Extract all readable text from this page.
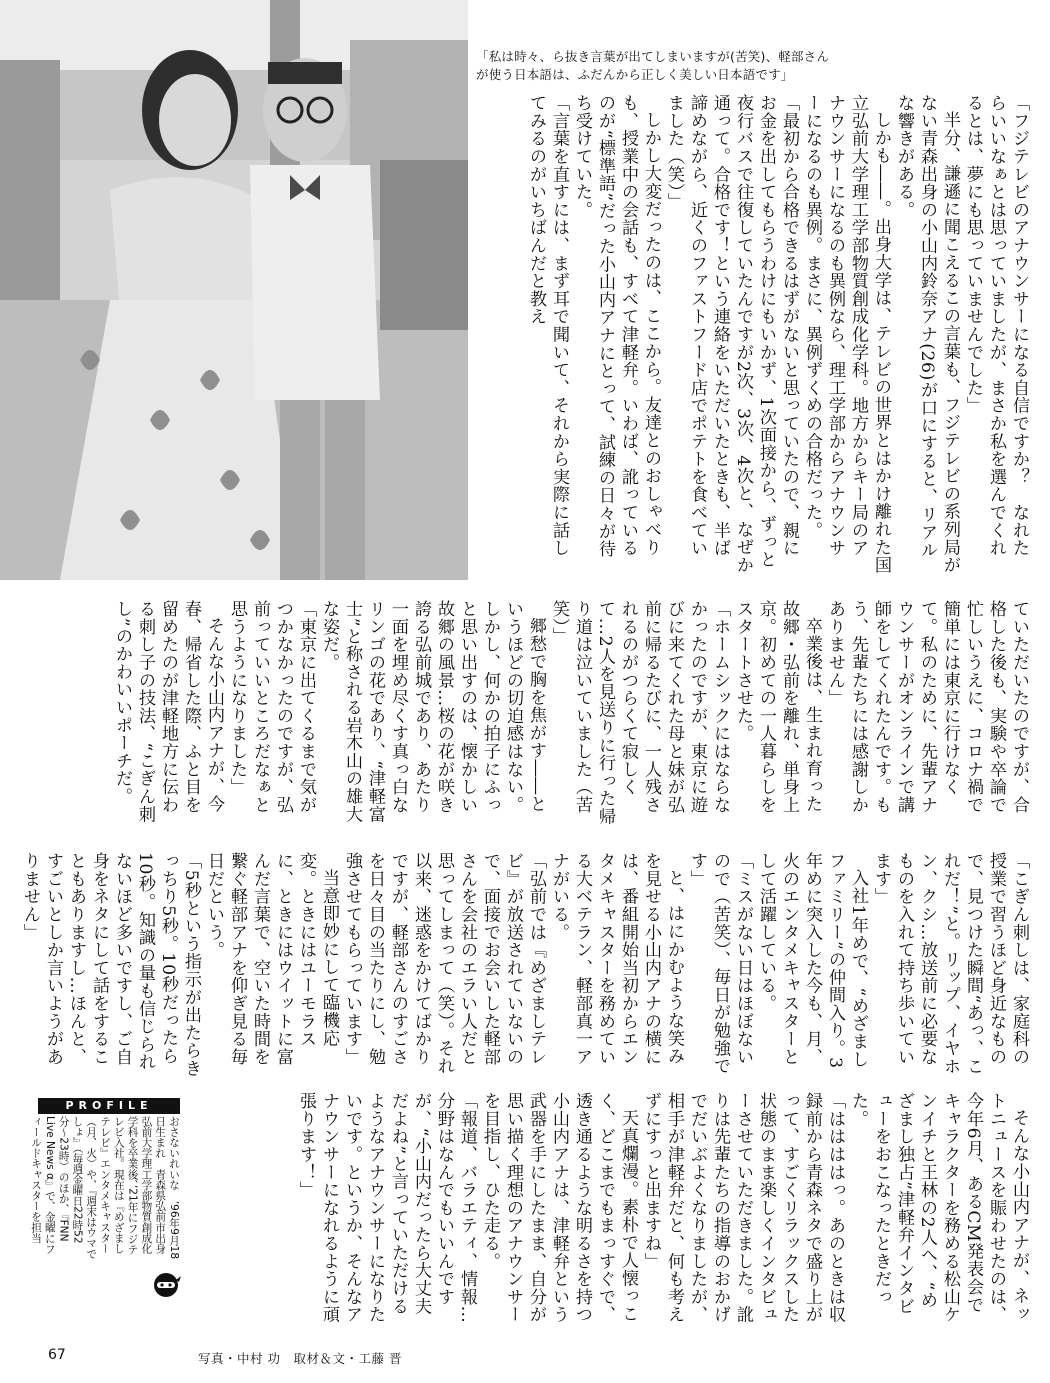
「私は時々、ら抜き言葉が出てしまいますが(苦笑)、軽部さん

が使う日本語は、ふだんから正しく美しい日本語です」

「フジテレビのアナウンサーになる自信ですか？　なれたらいいなぁとは思っていましたが、まさか私を選んでくれるとは、夢にも思っていませんでした」

半分、謙遜に聞こえるこの言葉も、フジテレビの系列局がない青森出身の小山内鈴奈アナ(26)が口にすると、リアルな響きがある。

しかも――。出身大学は、テレビの世界とはかけ離れた国立弘前大学理工学部物質創成化学科。地方からキー局のアナウンサーになるのも異例なら、理工学部からアナウンサーになるのも異例。まさに、異例ずくめの合格だった。

「最初から合格できるはずがないと思っていたので、親にお金を出してもらうわけにもいかず、1次面接から、ずっと夜行バスで往復していたんですが2次、3次、4次と、なぜか通って。合格です！という連絡をいただいたときも、半ば諦めながら、近くのファストフード店でポテトを食べていました（笑）」

しかし大変だったのは、ここから。友達とのおしゃべりも、授業中の会話も、すべて津軽弁。いわば、訛っているのが“標準語”だった小山内アナにとって、試練の日々が待ち受けていた。

「言葉を直すには、まず耳で聞いて、それから実際に話してみるのがいちばんだと教え

ていただいたのですが、合格した後も、実験や卒論で忙しいうえに、コロナ禍で簡単には東京に行けなくて。私のために、先輩アナウンサーがオンラインで講師をしてくれたんです。もう、先輩たちには感謝しかありません」

卒業後は、生まれ育った故郷・弘前を離れ、単身上京。初めての一人暮らしをスタートさせた。

「ホームシックにはならなかったのですが、東京に遊びに来てくれた母と妹が弘前に帰るたびに、一人残されるのがつらくて寂しくて…2人を見送りに行った帰り道は泣いていました（苦笑）」

郷愁で胸を焦がす――というほどの切迫感はない。しかし、何かの拍子にふっと思い出すのは、懐かしい故郷の風景…桜の花が咲き誇る弘前城であり、あたり一面を埋め尽くす真っ白なリンゴの花であり、“津軽富士”と称される岩木山の雄大な姿だ。

「東京に出てくるまで気がつかなかったのですが、弘前っていいところだなぁと思うようになりました」

そんな小山内アナが、今春、帰省した際、ふと目を留めたのが津軽地方に伝わる刺し子の技法、“こぎん刺し”のかわいいポーチだ。

「こぎん刺しは、家庭科の授業で習うほど身近なもので、見つけた瞬間“あっ、これだ！”と。リップ、イヤホン、クシ…放送前に必要なものを入れて持ち歩いています」

入社1年めで、“めざましファミリー”の仲間入り。3年めに突入した今も、月、火のエンタメキャスターとして活躍している。

「ミスがない日はほぼないので（苦笑）、毎日が勉強です」

と、はにかむような笑みを見せる小山内アナの横には、番組開始当初からエンタメキャスターを務めている大ベテラン、軽部真一アナがいる。

「弘前では『めざましテレビ』が放送されていないので、面接でお会いした軽部さんを会社のエラい人だと思ってしまって（笑）。それ以来、迷惑をかけてばかりですが、軽部さんのすごさを日々目の当たりにし、勉強させてもらっています」

当意即妙にして臨機応変。ときにはユーモラスに、ときにはウイットに富んだ言葉で、空いた時間を繋ぐ軽部アナを仰ぎ見る毎日だという。

「5秒という指示が出たらきっちり5秒。10秒だったら10秒。知識の量も信じられないほど多いですし、ご自身をネタにして話をすることもありますし…ほんと、すごいとしか言いようがありません」

そんな小山内アナが、ネットニュースを賑わせたのは、今年6月、あるCM発表会でキャラクターを務める松山ケンイチと王林の2人へ、“めざまし独占”津軽弁インタビューをおこなったときだった。

「ははははっ。あのときは収録前から青森ネタで盛り上がって、すごくリラックスした状態のまま楽しくインタビューさせていただきました。訛りは先輩たちの指導のおかげでだいぶよくなりましたが、相手が津軽弁だと、何も考えずにすっと出ますね」

天真爛漫。素朴で人懐っこく、どこまでもまっすぐで、透き通るような明るさを持つ小山内アナは、津軽弁という武器を手にしたまま、自分が思い描く理想のアナウンサーを目指し、ひた走る。

「報道、バラエティ、情報…分野はなんでもいいんですが、“小山内だったら大丈夫だよね”と言っていただけるようなアナウンサーになりたいです。というか、そんなアナウンサーになれるように頑張ります！」

PROFILE
おさないれいな　’96年9月18日生まれ　青森県弘前市出身　弘前大学理工学部物質創成化学科を卒業後、’21年にフジテレビ入社。現在は『めざましテレビ』エンタメキャスター（月、火）や、『週末はウマでしょ』（毎週金曜日22時52分〜23時）のほか、『FNN Live News α』で、金曜にフィールドキャスターを担当
67	写真・中村 功　取材＆文・工藤 晋
